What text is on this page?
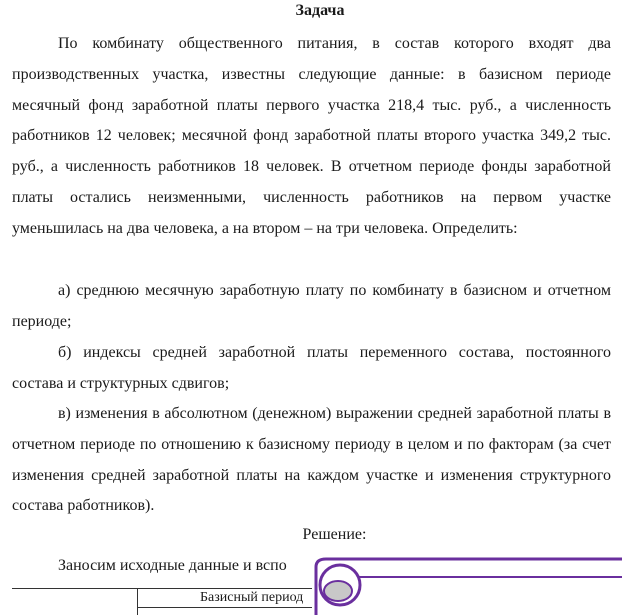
Задача

По комбинату общественного питания, в состав которого входят два производственных участка, известны следующие данные: в базисном периоде месячный фонд заработной платы первого участка 218,4 тыс. руб., а численность работников 12 человек; месячной фонд заработной платы второго участка 349,2 тыс. руб., а численность работников 18 человек. В отчетном периоде фонды заработной платы остались неизменными, численность работников на первом участке уменьшилась на два человека, а на втором – на три человека. Определить:

а) среднюю месячную заработную плату по комбинату в базисном и отчетном периоде;

б) индексы средней заработной платы переменного состава, постоянного состава и структурных сдвигов;

в) изменения в абсолютном (денежном) выражении средней заработной платы в отчетном периоде по отношению к базисному периоду в целом и по факторам (за счет изменения средней заработной платы на каждом участке и изменения структурного состава работников).

Решение:
Заносим исходные данные и вспо
Базисный период
